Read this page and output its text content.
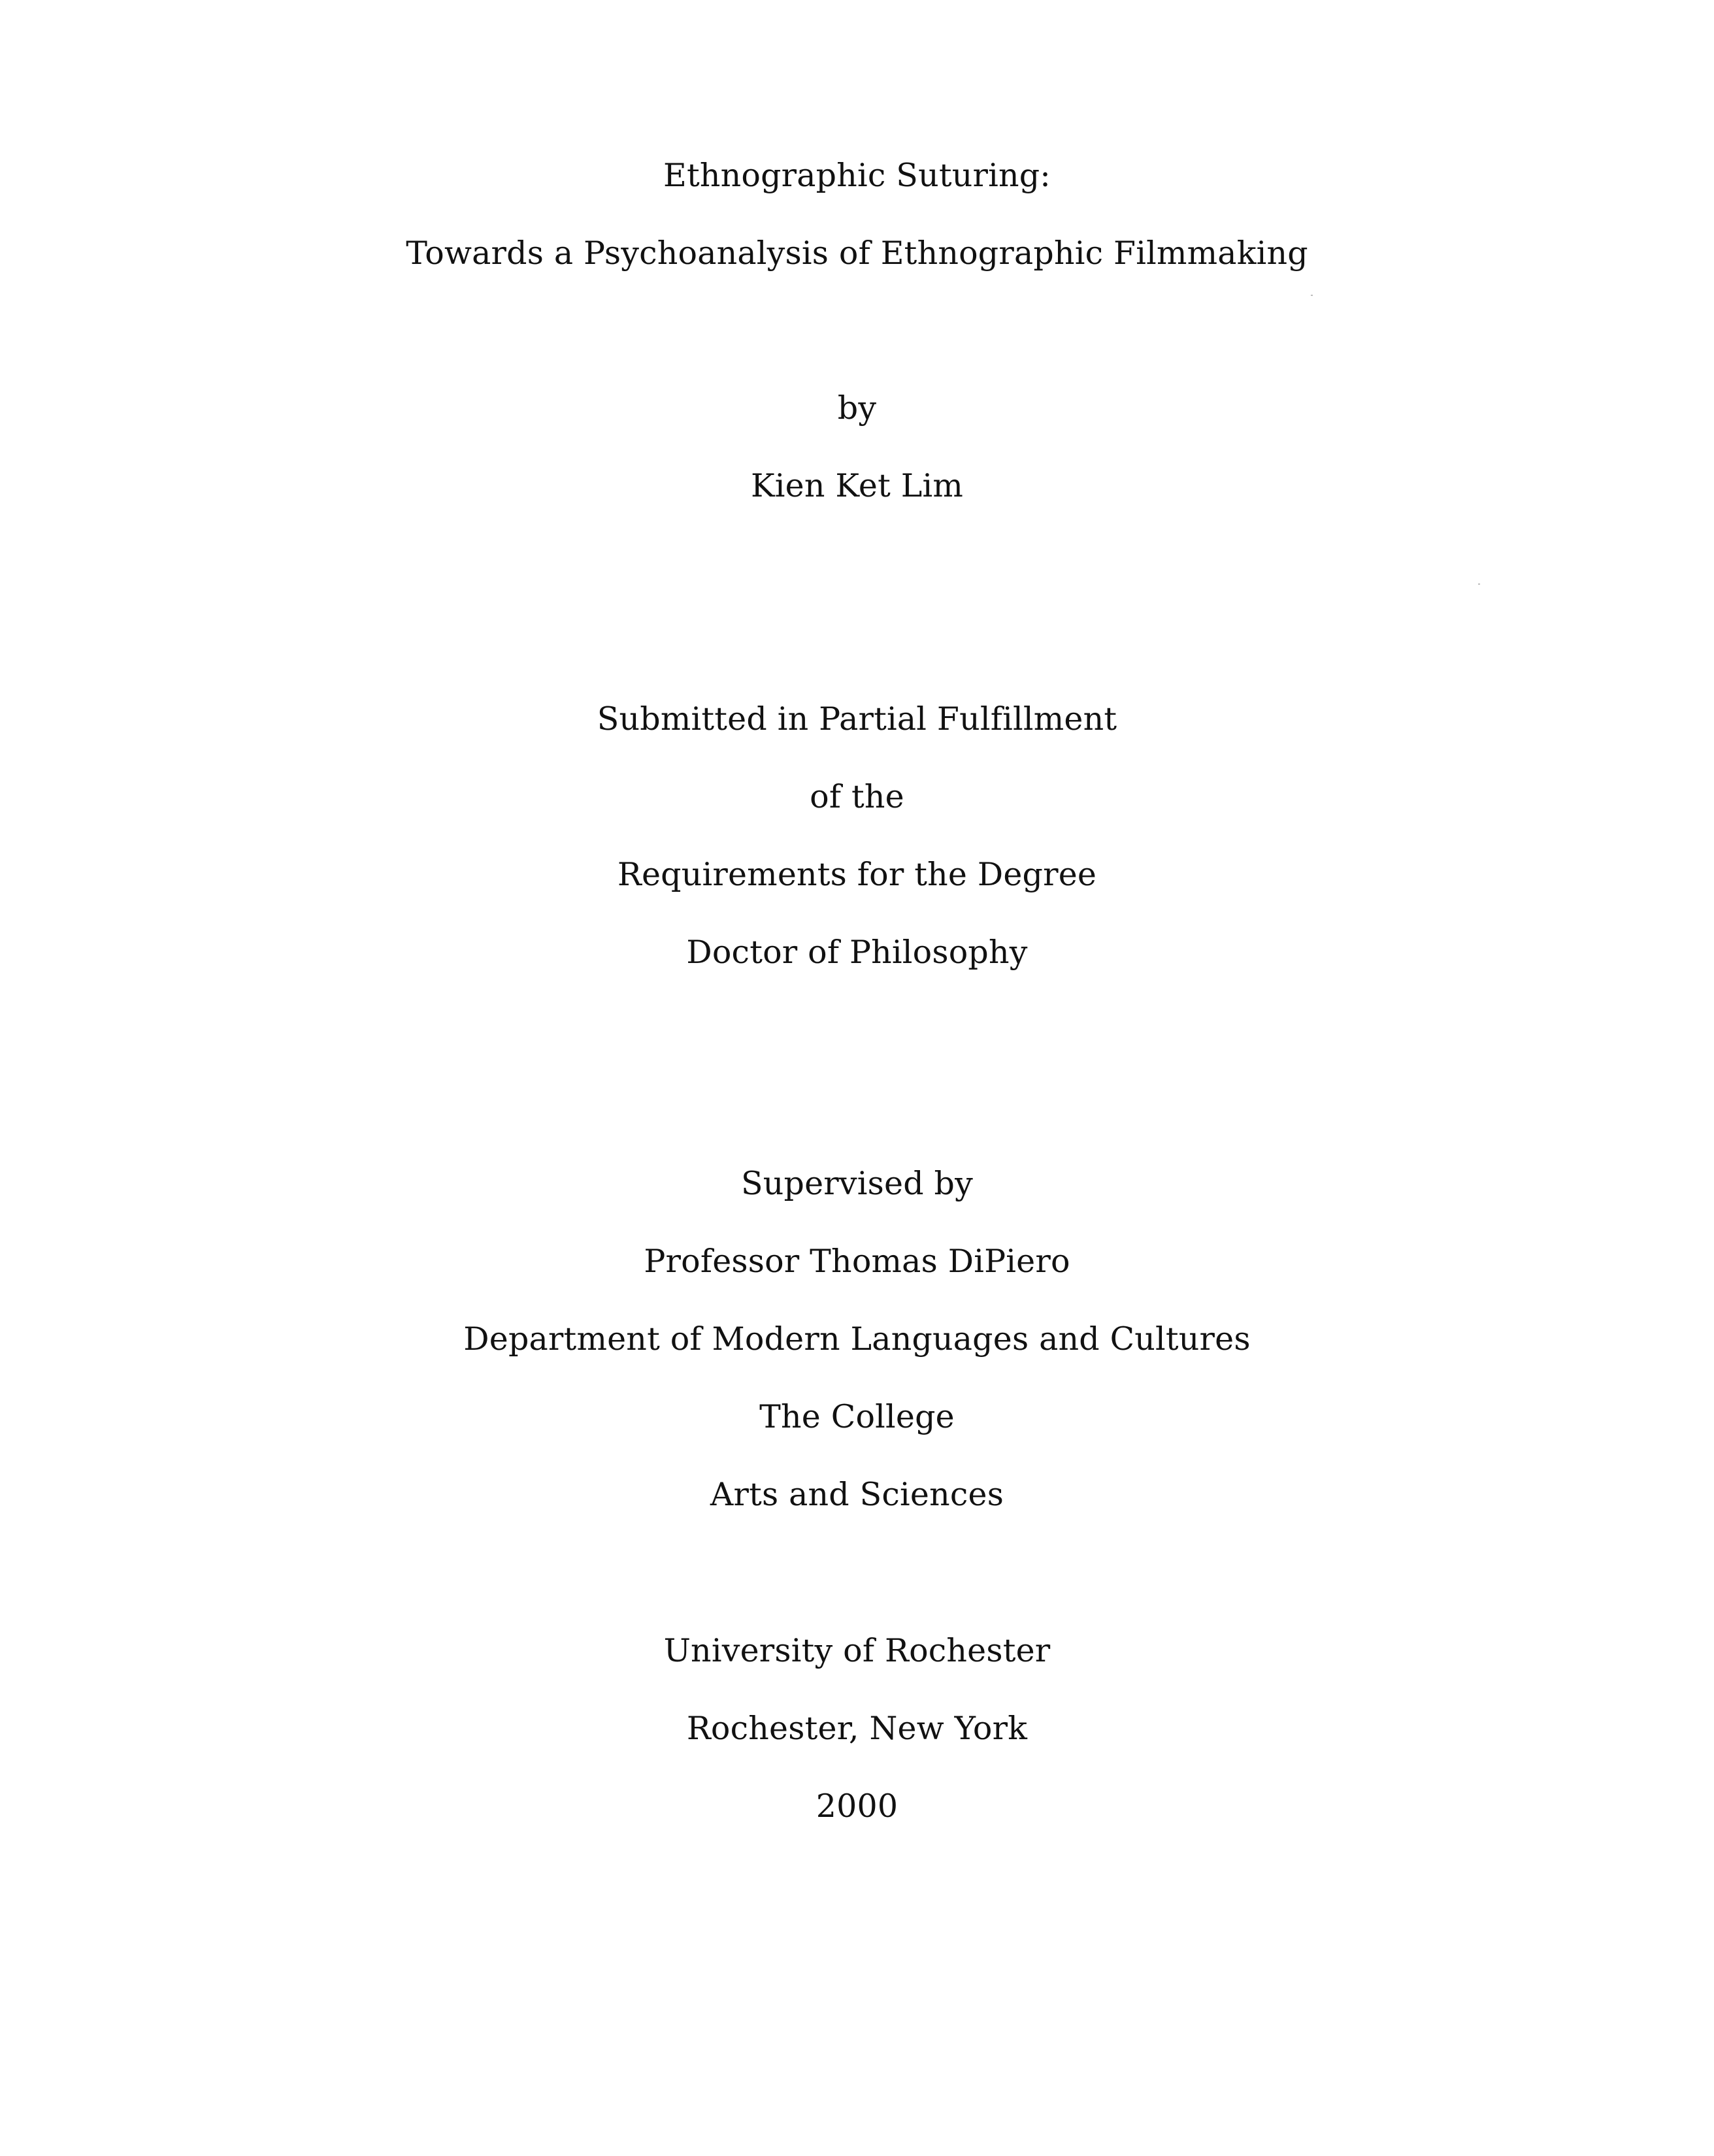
Ethnographic Suturing:
Towards a Psychoanalysis of Ethnographic Filmmaking
by
Kien Ket Lim
Submitted in Partial Fulfillment
of the
Requirements for the Degree
Doctor of Philosophy
Supervised by
Professor Thomas DiPiero
Department of Modern Languages and Cultures
The College
Arts and Sciences
University of Rochester
Rochester, New York
2000
